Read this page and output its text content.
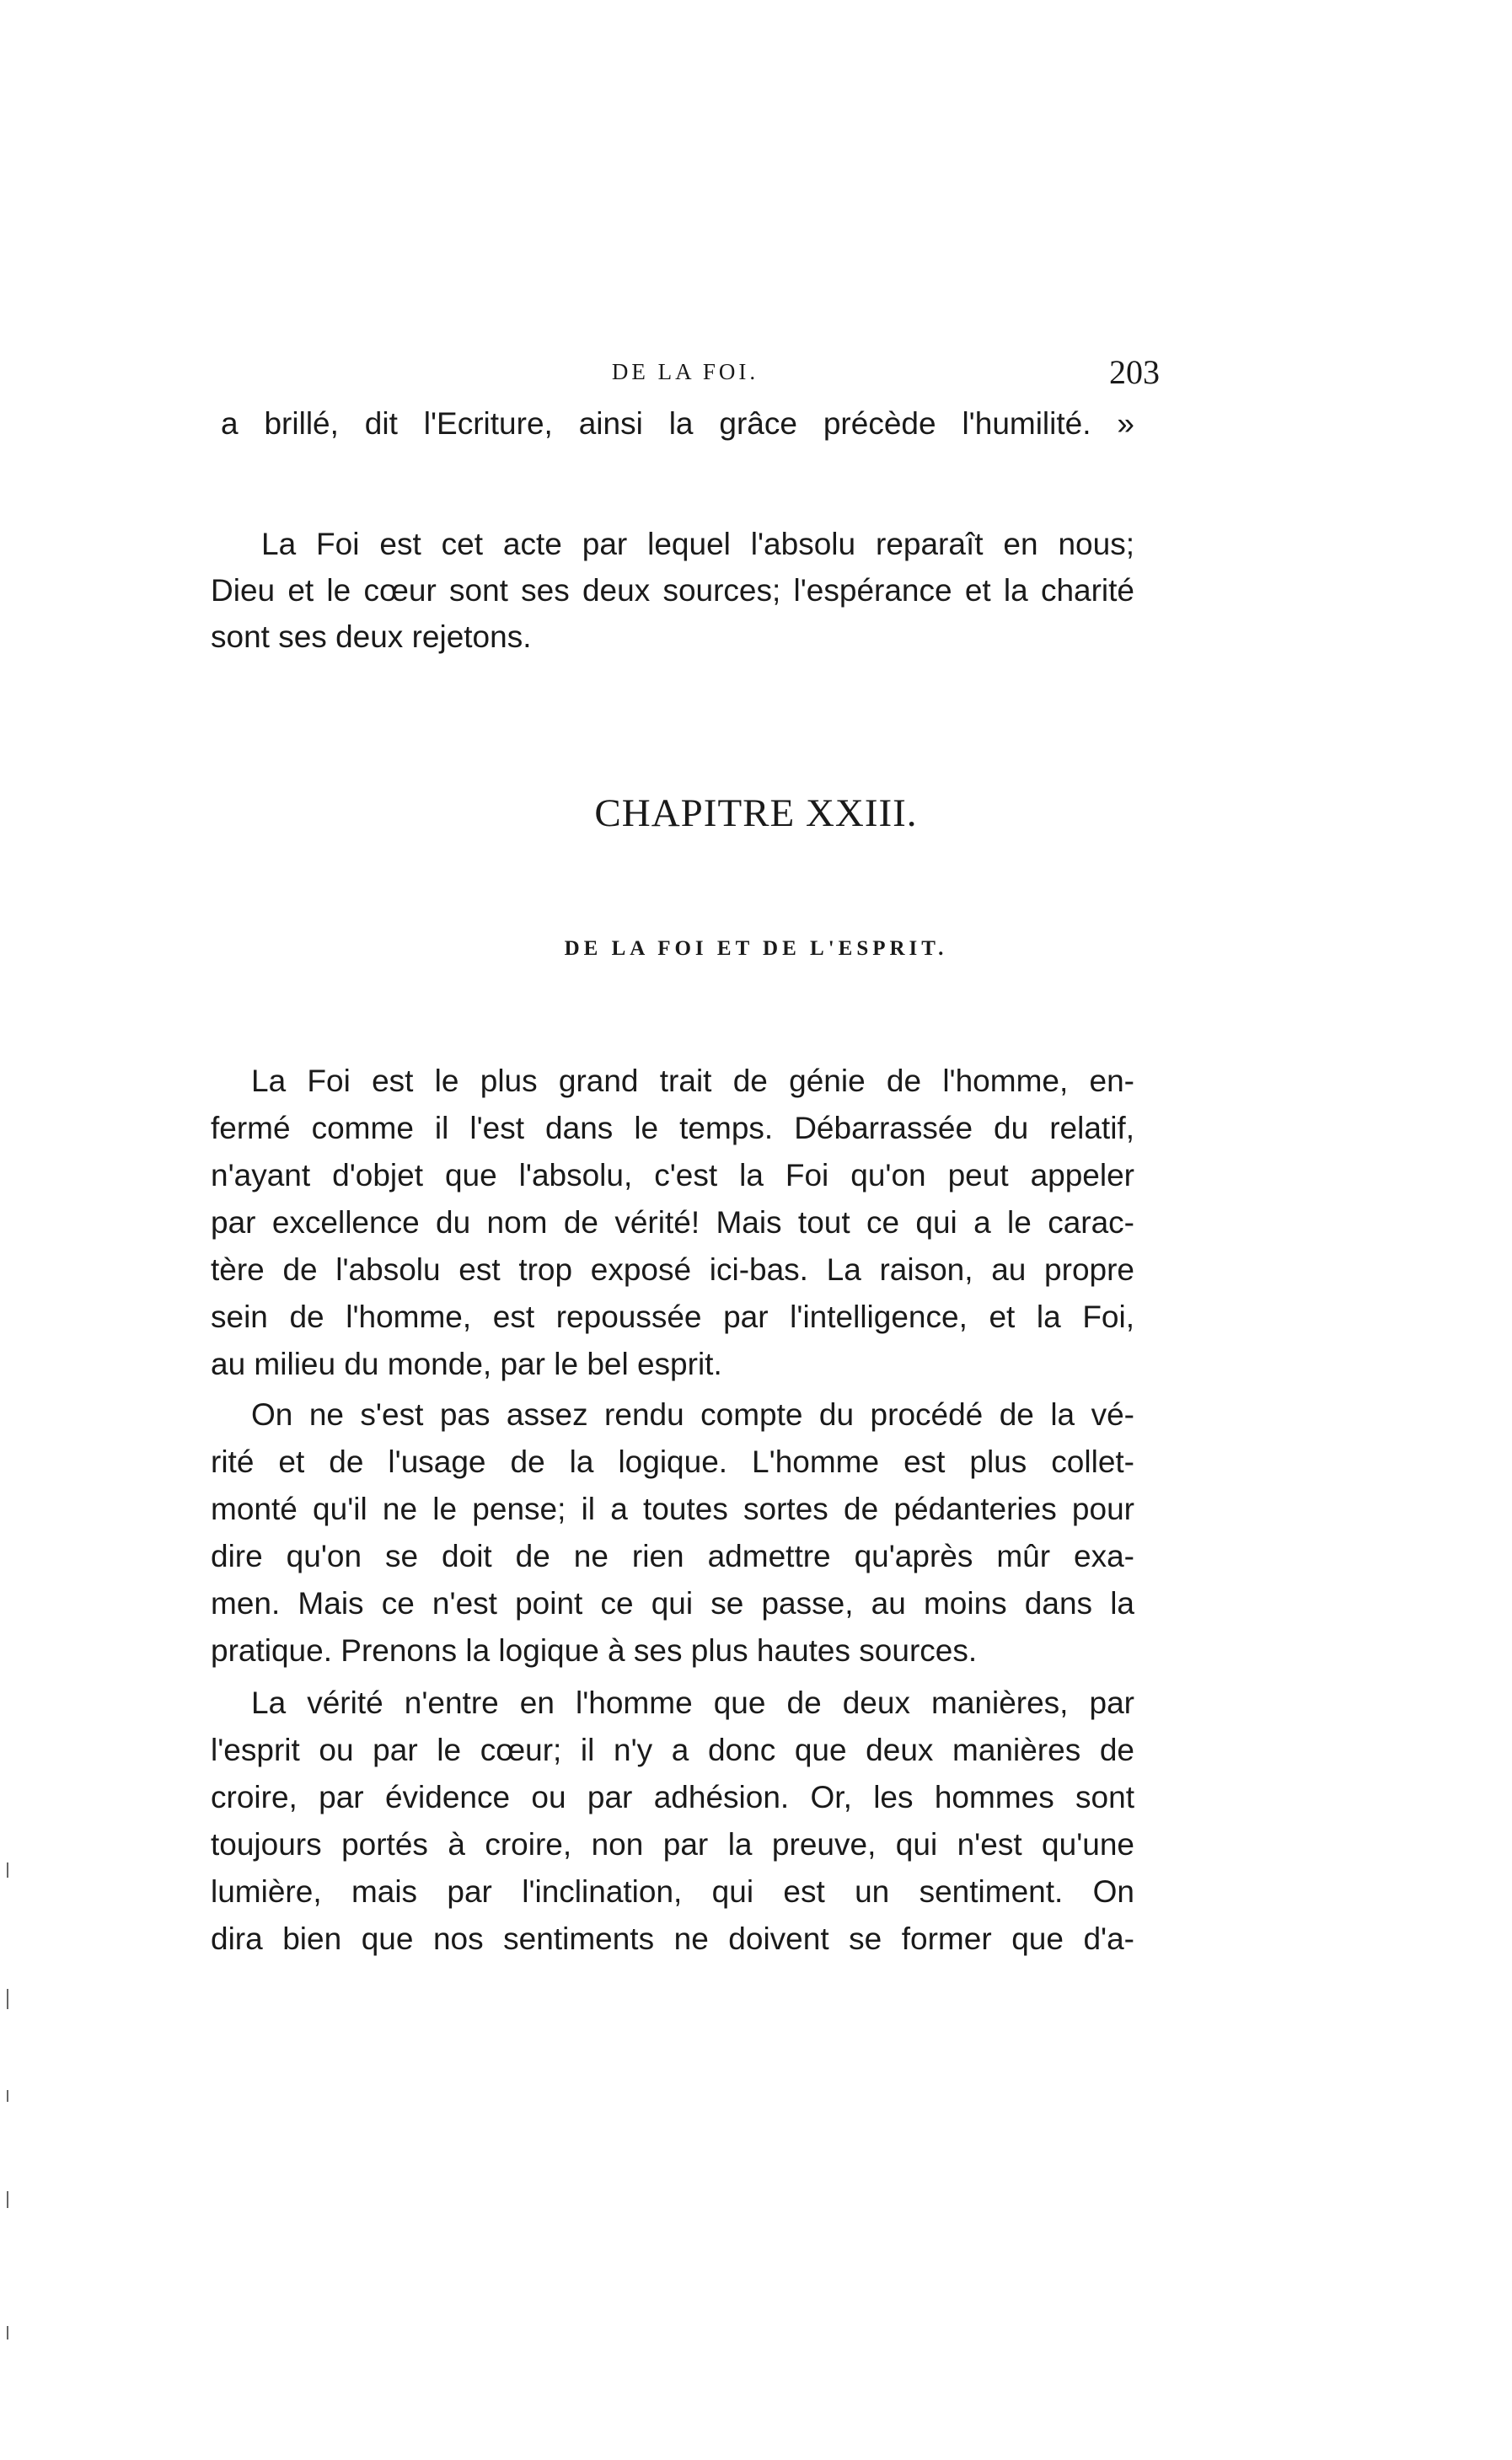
DE LA FOI.	203
a brillé, dit l'Ecriture, ainsi la grâce précède l'humilité. »
La Foi est cet acte par lequel l'absolu reparaît en nous;
Dieu et le cœur sont ses deux sources; l'espérance et la charité
sont ses deux rejetons.
CHAPITRE XXIII.
DE LA FOI ET DE L'ESPRIT.
La Foi est le plus grand trait de génie de l'homme, en-
fermé comme il l'est dans le temps. Débarrassée du relatif,
n'ayant d'objet que l'absolu, c'est la Foi qu'on peut appeler
par excellence du nom de vérité! Mais tout ce qui a le carac-
tère de l'absolu est trop exposé ici-bas. La raison, au propre
sein de l'homme, est repoussée par l'intelligence, et la Foi,
au milieu du monde, par le bel esprit.
On ne s'est pas assez rendu compte du procédé de la vé-
rité et de l'usage de la logique. L'homme est plus collet-
monté qu'il ne le pense; il a toutes sortes de pédanteries pour
dire qu'on se doit de ne rien admettre qu'après mûr exa-
men. Mais ce n'est point ce qui se passe, au moins dans la
pratique. Prenons la logique à ses plus hautes sources.
La vérité n'entre en l'homme que de deux manières, par
l'esprit ou par le cœur; il n'y a donc que deux manières de
croire, par évidence ou par adhésion. Or, les hommes sont
toujours portés à croire, non par la preuve, qui n'est qu'une
lumière, mais par l'inclination, qui est un sentiment. On
dira bien que nos sentiments ne doivent se former que d'a-
